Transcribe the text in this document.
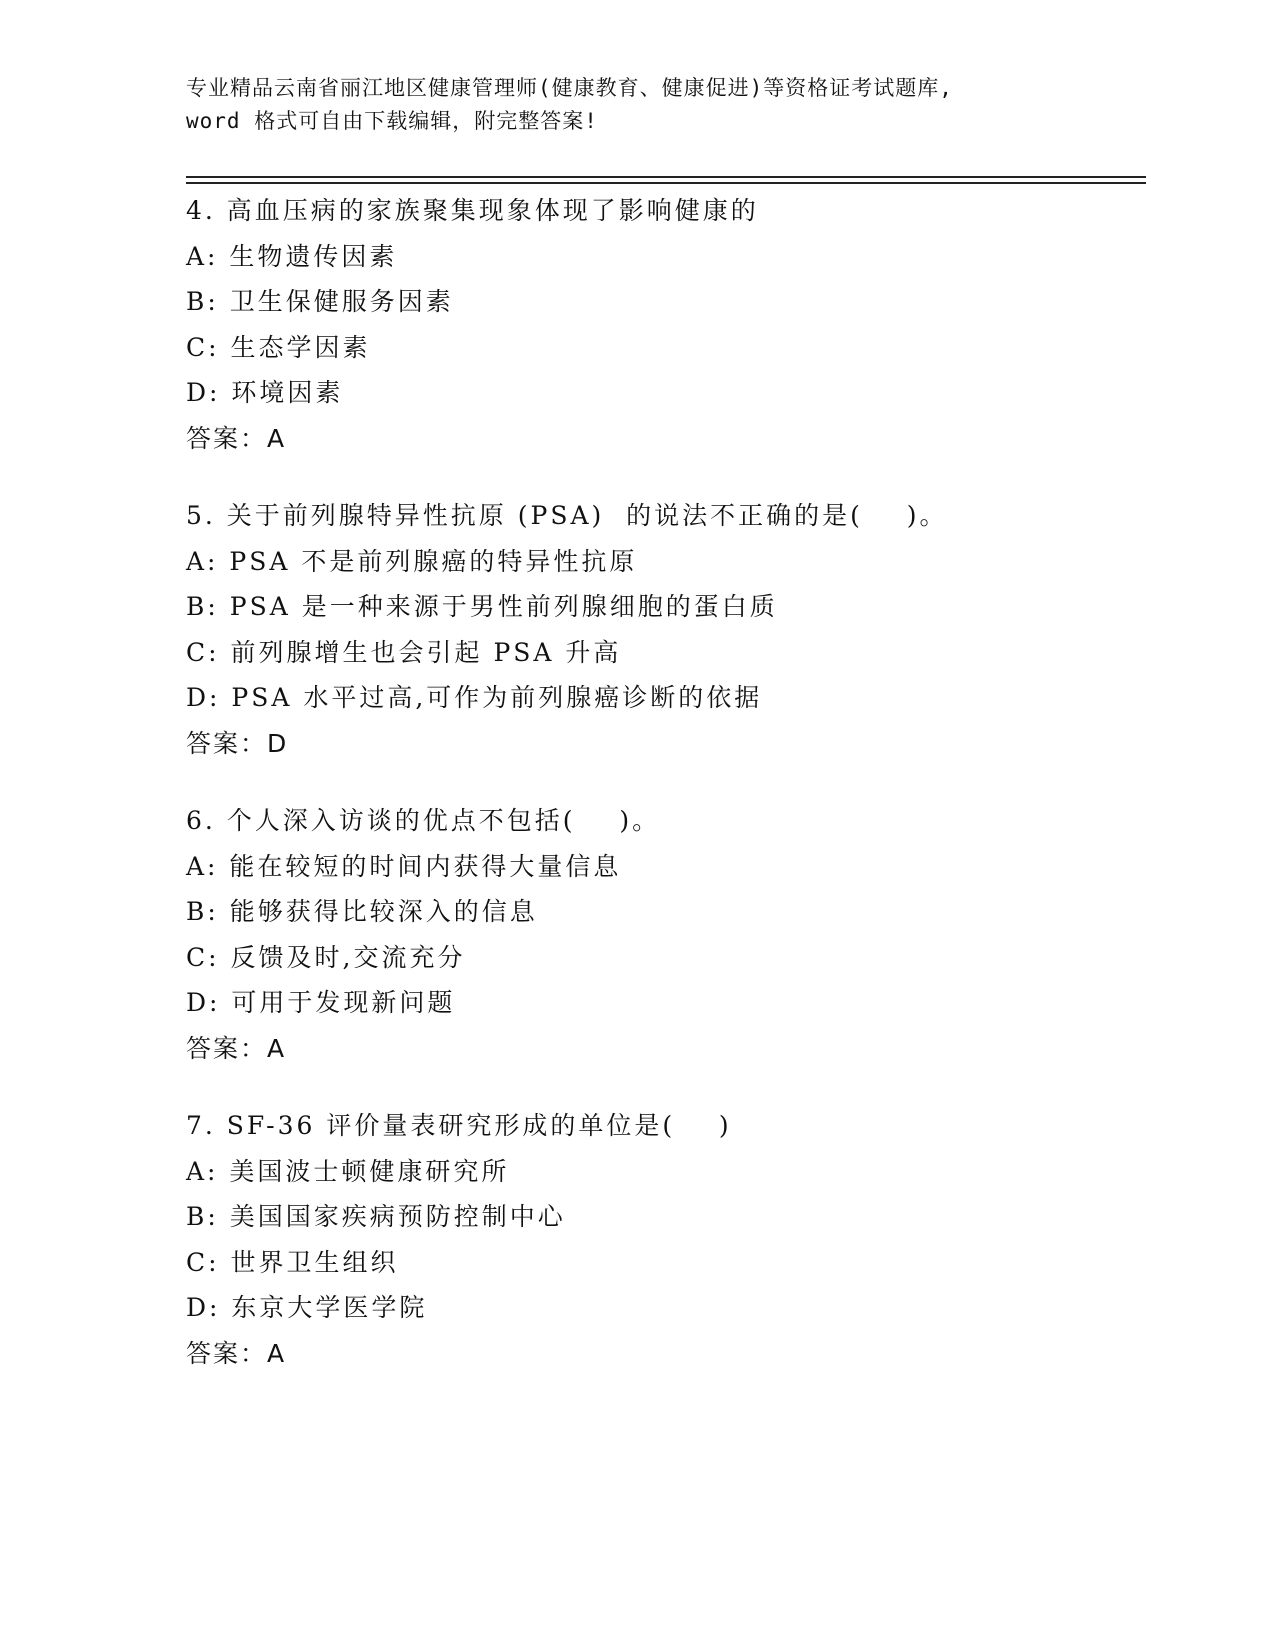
专业精品云南省丽江地区健康管理师(健康教育、健康促进)等资格证考试题库,
word 格式可自由下载编辑，附完整答案!
4. 高血压病的家族聚集现象体现了影响健康的
A: 生物遗传因素
B: 卫生保健服务因素
C: 生态学因素
D: 环境因素
答案：A
5. 关于前列腺特异性抗原 (PSA)  的说法不正确的是(    )。
A: PSA 不是前列腺癌的特异性抗原
B: PSA 是一种来源于男性前列腺细胞的蛋白质
C: 前列腺增生也会引起 PSA 升高
D: PSA 水平过高,可作为前列腺癌诊断的依据
答案：D
6. 个人深入访谈的优点不包括(    )。
A: 能在较短的时间内获得大量信息
B: 能够获得比较深入的信息
C: 反馈及时,交流充分
D: 可用于发现新问题
答案：A
7. SF-36 评价量表研究形成的单位是(    )
A: 美国波士顿健康研究所
B: 美国国家疾病预防控制中心
C: 世界卫生组织
D: 东京大学医学院
答案：A
